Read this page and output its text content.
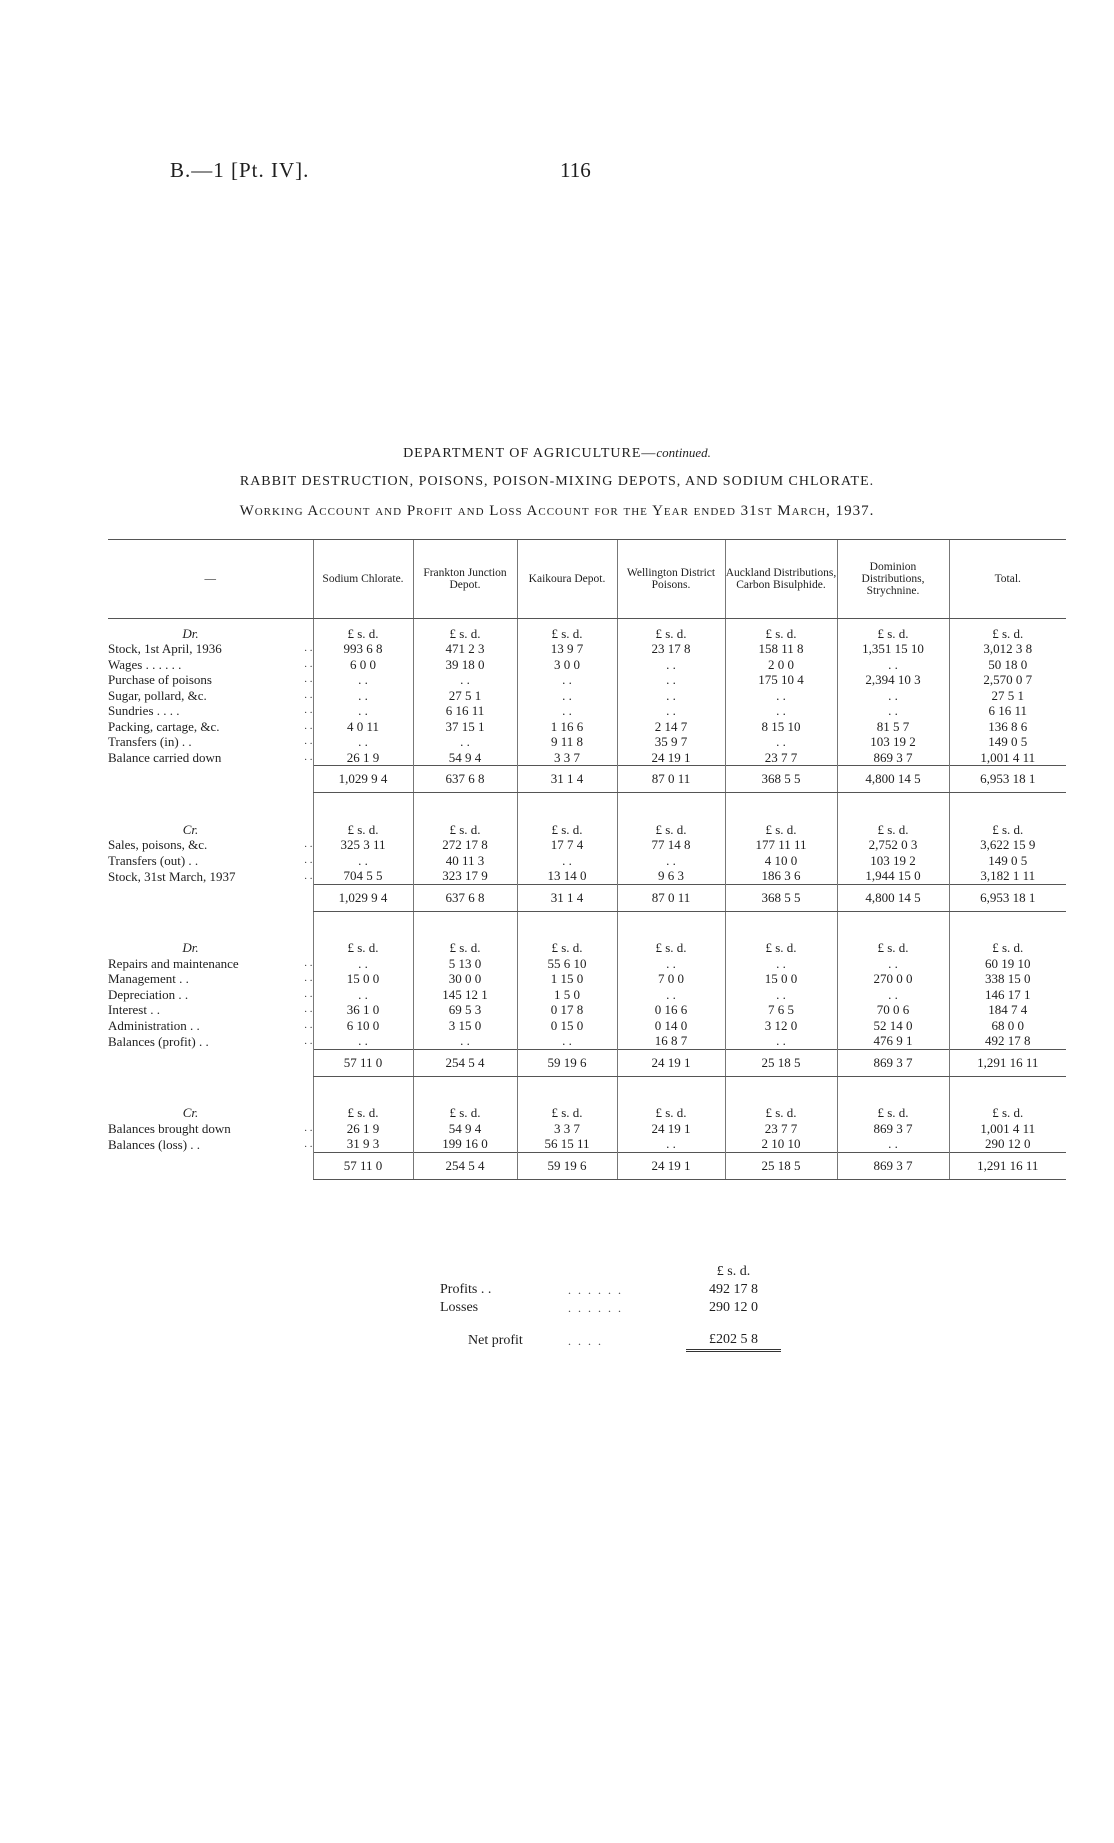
B.—1 [Pt. IV].	116
DEPARTMENT OF AGRICULTURE—continued.
RABBIT DESTRUCTION, POISONS, POISON-MIXING DEPOTS, AND SODIUM CHLORATE.
Working Account and Profit and Loss Account for the Year ended 31st March, 1937.
—		Sodium Chlorate.	Frankton Junction Depot.	Kaikoura Depot.	Wellington District Poisons.	Auckland Distributions, Carbon Bisulphide.	Dominion Distributions, Strychnine.	Total.
Dr.		£ s. d.	£ s. d.	£ s. d.	£ s. d.	£ s. d.	£ s. d.	£ s. d.
Stock, 1st April, 1936	. .	993 6 8	471 2 3	13 9 7	23 17 8	158 11 8	1,351 15 10	3,012 3 8
Wages . . . . . .	. .	6 0 0	39 18 0	3 0 0	. .	2 0 0	. .	50 18 0
Purchase of poisons	. .	. .	. .	. .	. .	175 10 4	2,394 10 3	2,570 0 7
Sugar, pollard, &c.	. .	. .	27 5 1	. .	. .	. .	. .	27 5 1
Sundries . . . .	. .	. .	6 16 11	. .	. .	. .	. .	6 16 11
Packing, cartage, &c.	. .	4 0 11	37 15 1	1 16 6	2 14 7	8 15 10	81 5 7	136 8 6
Transfers (in) . .	. .	. .	. .	9 11 8	35 9 7	. .	103 19 2	149 0 5
Balance carried down	. .	26 1 9	54 9 4	3 3 7	24 19 1	23 7 7	869 3 7	1,001 4 11
		1,029 9 4	637 6 8	31 1 4	87 0 11	368 5 5	4,800 14 5	6,953 18 1

Cr.		£ s. d.	£ s. d.	£ s. d.	£ s. d.	£ s. d.	£ s. d.	£ s. d.
Sales, poisons, &c.	. .	325 3 11	272 17 8	17 7 4	77 14 8	177 11 11	2,752 0 3	3,622 15 9
Transfers (out) . .	. .	. .	40 11 3	. .	. .	4 10 0	103 19 2	149 0 5
Stock, 31st March, 1937	. .	704 5 5	323 17 9	13 14 0	9 6 3	186 3 6	1,944 15 0	3,182 1 11
		1,029 9 4	637 6 8	31 1 4	87 0 11	368 5 5	4,800 14 5	6,953 18 1

Dr.		£ s. d.	£ s. d.	£ s. d.	£ s. d.	£ s. d.	£ s. d.	£ s. d.
Repairs and maintenance	. .	. .	5 13 0	55 6 10	. .	. .	. .	60 19 10
Management . .	. .	15 0 0	30 0 0	1 15 0	7 0 0	15 0 0	270 0 0	338 15 0
Depreciation . .	. .	. .	145 12 1	1 5 0	. .	. .	. .	146 17 1
Interest . .	. .	36 1 0	69 5 3	0 17 8	0 16 6	7 6 5	70 0 6	184 7 4
Administration . .	. .	6 10 0	3 15 0	0 15 0	0 14 0	3 12 0	52 14 0	68 0 0
Balances (profit) . .	. .	. .	. .	. .	16 8 7	. .	476 9 1	492 17 8
		57 11 0	254 5 4	59 19 6	24 19 1	25 18 5	869 3 7	1,291 16 11

Cr.		£ s. d.	£ s. d.	£ s. d.	£ s. d.	£ s. d.	£ s. d.	£ s. d.
Balances brought down	. .	26 1 9	54 9 4	3 3 7	24 19 1	23 7 7	869 3 7	1,001 4 11
Balances (loss) . .	. .	31 9 3	199 16 0	56 15 11	. .	2 10 10	. .	290 12 0
		57 11 0	254 5 4	59 19 6	24 19 1	25 18 5	869 3 7	1,291 16 11
		£ s. d.
Profits . .	. . . . . .	492 17 8
Losses	. . . . . .	290 12 0
Net profit	. . . .	£202 5 8
